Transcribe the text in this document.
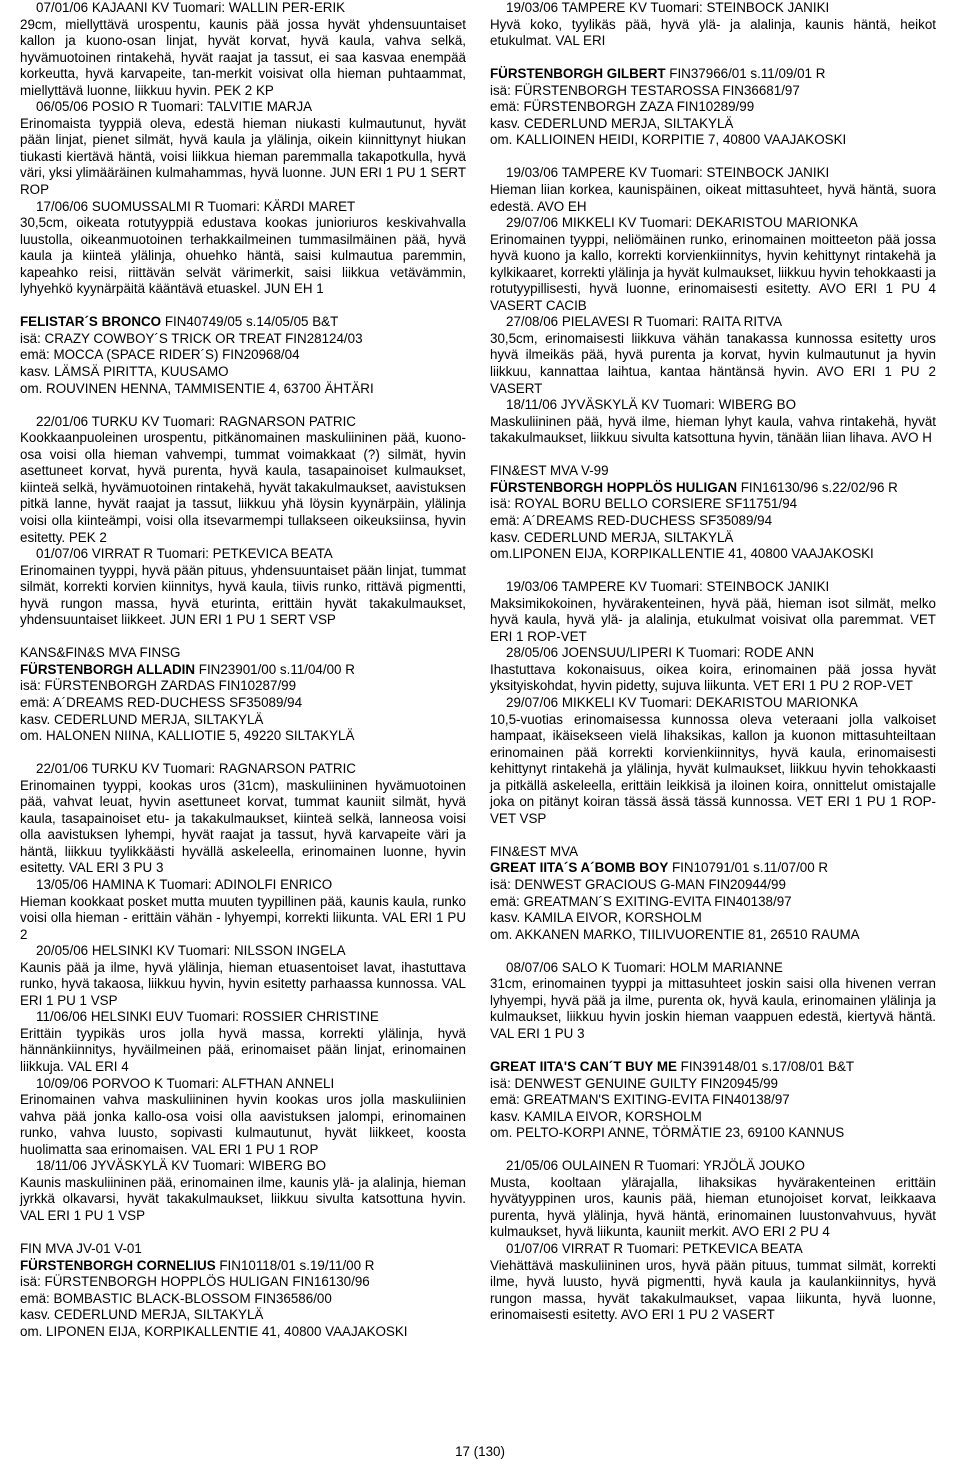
07/01/06 KAJAANI KV Tuomari: WALLIN PER-ERIK

29cm, miellyttävä urospentu, kaunis pää jossa hyvät yhdensuuntaiset kallon ja kuono-osan linjat, hyvät korvat, hyvä kaula, vahva selkä, hyvämuotoinen rintakehä, hyvät raajat ja tassut, ei saa kasvaa enempää korkeutta, hyvä karvapeite, tan-merkit voisivat olla hieman puhtaammat, miellyttävä luonne, liikkuu hyvin. PEK 2 KP

06/05/06 POSIO R Tuomari: TALVITIE MARJA

Erinomaista tyyppiä oleva, edestä hieman niukasti kulmautunut, hyvät pään linjat, pienet silmät, hyvä kaula ja ylälinja, oikein kiinnittynyt hiukan tiukasti kiertävä häntä, voisi liikkua hieman paremmalla takapotkulla, hyvä väri, yksi ylimääräinen kulmahammas, hyvä luonne. JUN ERI 1 PU 1 SERT ROP

17/06/06 SUOMUSSALMI R Tuomari: KÄRDI MARET

30,5cm, oikeata rotutyyppiä edustava kookas junioriuros keskivahvalla luustolla, oikeanmuotoinen terhakkailmeinen tummasilmäinen pää, hyvä kaula ja kiinteä ylälinja, ohuehko häntä, saisi kulmautua paremmin, kapeahko reisi, riittävän selvät värimerkit, saisi liikkua vetävämmin, lyhyehkö kyynärpäitä kääntävä etuaskel. JUN EH 1

FELISTAR´S BRONCO FIN40749/05 s.14/05/05 B&T

isä: CRAZY COWBOY´S TRICK OR TREAT FIN28124/03

emä: MOCCA (SPACE RIDER´S) FIN20968/04

kasv. LÄMSÄ PIRITTA, KUUSAMO

om. ROUVINEN HENNA, TAMMISENTIE 4, 63700 ÄHTÄRI

22/01/06 TURKU KV Tuomari: RAGNARSON PATRIC

Kookkaanpuoleinen urospentu, pitkänomainen maskuliininen pää, kuono-osa voisi olla hieman vahvempi, tummat voimakkaat (?) silmät, hyvin asettuneet korvat, hyvä purenta, hyvä kaula, tasapainoiset kulmaukset, kiinteä selkä, hyvämuotoinen rintakehä, hyvät takakulmaukset, aavistuksen pitkä lanne, hyvät raajat ja tassut, liikkuu yhä löysin kyynärpäin, ylälinja voisi olla kiinteämpi, voisi olla itsevarmempi tullakseen oikeuksiinsa, hyvin esitetty. PEK 2

01/07/06 VIRRAT R Tuomari: PETKEVICA BEATA

Erinomainen tyyppi, hyvä pään pituus, yhdensuuntaiset pään linjat, tummat silmät, korrekti korvien kiinnitys, hyvä kaula, tiivis runko, rittävä pigmentti, hyvä rungon massa, hyvä eturinta, erittäin hyvät takakulmaukset, yhdensuuntaiset liikkeet. JUN ERI 1 PU 1 SERT VSP

KANS&FIN&S MVA FINSG

FÜRSTENBORGH ALLADIN FIN23901/00 s.11/04/00 R

isä: FÜRSTENBORGH ZARDAS FIN10287/99

emä: A´DREAMS RED-DUCHESS SF35089/94

kasv. CEDERLUND MERJA, SILTAKYLÄ

om. HALONEN NIINA, KALLIOTIE 5, 49220 SILTAKYLÄ

22/01/06 TURKU KV Tuomari: RAGNARSON PATRIC

Erinomainen tyyppi, kookas uros (31cm), maskuliininen hyvämuotoinen pää, vahvat leuat, hyvin asettuneet korvat, tummat kauniit silmät, hyvä kaula, tasapainoiset etu- ja takakulmaukset, kiinteä selkä, lanneosa voisi olla aavistuksen lyhempi, hyvät raajat ja tassut, hyvä karvapeite väri ja häntä, liikkuu tyylikkäästi hyvällä askeleella, erinomainen luonne, hyvin esitetty. VAL ERI 3 PU 3

13/05/06 HAMINA K Tuomari: ADINOLFI ENRICO

Hieman kookkaat posket mutta muuten tyypillinen pää, kaunis kaula, runko voisi olla hieman - erittäin vähän - lyhyempi, korrekti liikunta. VAL ERI 1 PU 2

20/05/06 HELSINKI KV Tuomari: NILSSON INGELA

Kaunis pää ja ilme, hyvä ylälinja, hieman etuasentoiset lavat, ihastuttava runko, hyvä takaosa, liikkuu hyvin, hyvin esitetty parhaassa kunnossa. VAL ERI 1 PU 1 VSP

11/06/06 HELSINKI EUV Tuomari: ROSSIER CHRISTINE

Erittäin tyypikäs uros jolla hyvä massa, korrekti ylälinja, hyvä hännänkiinnitys, hyväilmeinen pää, erinomaiset pään linjat, erinomainen liikkuja. VAL ERI 4

10/09/06 PORVOO K Tuomari: ALFTHAN ANNELI

Erinomainen vahva maskuliininen hyvin kookas uros jolla maskuliinien vahva pää jonka kallo-osa voisi olla aavistuksen jalompi, erinomainen runko, vahva luusto, sopivasti kulmautunut, hyvät liikkeet, koosta huolimatta saa erinomaisen. VAL ERI 1 PU 1 ROP

18/11/06 JYVÄSKYLÄ KV Tuomari: WIBERG BO

Kaunis maskuliininen pää, erinomainen ilme, kaunis ylä- ja alalinja, hieman jyrkkä olkavarsi, hyvät takakulmaukset, liikkuu sivulta katsottuna hyvin. VAL ERI 1 PU 1 VSP

FIN MVA JV-01 V-01

FÜRSTENBORGH CORNELIUS FIN10118/01 s.19/11/00 R

isä: FÜRSTENBORGH HOPPLÖS HULIGAN FIN16130/96

emä: BOMBASTIC BLACK-BLOSSOM FIN36586/00

kasv. CEDERLUND MERJA, SILTAKYLÄ

om. LIPONEN EIJA, KORPIKALLENTIE 41, 40800 VAAJAKOSKI

19/03/06 TAMPERE KV Tuomari: STEINBOCK JANIKI

Hyvä koko, tyylikäs pää, hyvä ylä- ja alalinja, kaunis häntä, heikot etukulmat. VAL ERI

FÜRSTENBORGH GILBERT FIN37966/01 s.11/09/01 R

isä: FÜRSTENBORGH TESTAROSSA FIN36681/97

emä: FÜRSTENBORGH ZAZA FIN10289/99

kasv. CEDERLUND MERJA, SILTAKYLÄ

om. KALLIOINEN HEIDI, KORPITIE 7, 40800 VAAJAKOSKI

19/03/06 TAMPERE KV Tuomari: STEINBOCK JANIKI

Hieman liian korkea, kaunispäinen, oikeat mittasuhteet, hyvä häntä, suora edestä. AVO EH

29/07/06 MIKKELI KV Tuomari: DEKARISTOU MARIONKA

Erinomainen tyyppi, neliömäinen runko, erinomainen moitteeton pää jossa hyvä kuono ja kallo, korrekti korvienkiinnitys, hyvin kehittynyt rintakehä ja kylkikaaret, korrekti ylälinja ja hyvät kulmaukset, liikkuu hyvin tehokkaasti ja rotutyypillisesti, hyvä luonne, erinomaisesti esitetty. AVO ERI 1 PU 4 VASERT CACIB

27/08/06 PIELAVESI R Tuomari: RAITA RITVA

30,5cm, erinomaisesti liikkuva vähän tanakassa kunnossa esitetty uros hyvä ilmeikäs pää, hyvä purenta ja korvat, hyvin kulmautunut ja hyvin liikkuu, kannattaa laihtua, kantaa häntänsä hyvin. AVO ERI 1 PU 2 VASERT

18/11/06 JYVÄSKYLÄ KV Tuomari: WIBERG BO

Maskuliininen pää, hyvä ilme, hieman lyhyt kaula, vahva rintakehä, hyvät takakulmaukset, liikkuu sivulta katsottuna hyvin, tänään liian lihava. AVO H

FIN&EST MVA V-99

FÜRSTENBORGH HOPPLÖS HULIGAN FIN16130/96 s.22/02/96 R

isä: ROYAL BORU BELLO CORSIERE SF11751/94

emä: A´DREAMS RED-DUCHESS SF35089/94

kasv. CEDERLUND MERJA, SILTAKYLÄ

om.LIPONEN EIJA, KORPIKALLENTIE 41, 40800 VAAJAKOSKI

19/03/06 TAMPERE KV Tuomari: STEINBOCK JANIKI

Maksimikokoinen, hyvärakenteinen, hyvä pää, hieman isot silmät, melko hyvä kaula, hyvä ylä- ja alalinja, etukulmat voisivat olla paremmat. VET ERI 1 ROP-VET

28/05/06 JOENSUU/LIPERI K Tuomari: RODE ANN

Ihastuttava kokonaisuus, oikea koira, erinomainen pää jossa hyvät yksityiskohdat, hyvin pidetty, sujuva liikunta. VET ERI 1 PU 2 ROP-VET

29/07/06 MIKKELI KV Tuomari: DEKARISTOU MARIONKA

10,5-vuotias erinomaisessa kunnossa oleva veteraani jolla valkoiset hampaat, ikäisekseen vielä lihaksikas, kallon ja kuonon mittasuhteiltaan erinomainen pää korrekti korvienkiinnitys, hyvä kaula, erinomaisesti kehittynyt rintakehä ja ylälinja, hyvät kulmaukset, liikkuu hyvin tehokkaasti ja pitkällä askeleella, erittäin leikkisä ja iloinen koira, onnittelut omistajalle joka on pitänyt koiran tässä ässä tässä kunnossa. VET ERI 1 PU 1 ROP-VET VSP

FIN&EST MVA

GREAT IITA´S A´BOMB BOY FIN10791/01 s.11/07/00 R

isä: DENWEST GRACIOUS G-MAN FIN20944/99

emä: GREATMAN´S EXITING-EVITA FIN40138/97

kasv. KAMILA EIVOR, KORSHOLM

om. AKKANEN MARKO, TIILIVUORENTIE 81, 26510 RAUMA

08/07/06 SALO K Tuomari: HOLM MARIANNE

31cm, erinomainen tyyppi ja mittasuhteet joskin saisi olla hivenen verran lyhyempi, hyvä pää ja ilme, purenta ok, hyvä kaula, erinomainen ylälinja ja kulmaukset, liikkuu hyvin joskin hieman vaappuen edestä, kiertyvä häntä. VAL ERI 1 PU 3

GREAT IITA'S CAN´T BUY ME FIN39148/01 s.17/08/01 B&T

isä: DENWEST GENUINE GUILTY FIN20945/99

emä: GREATMAN'S EXITING-EVITA FIN40138/97

kasv. KAMILA EIVOR, KORSHOLM

om. PELTO-KORPI ANNE, TÖRMÄTIE 23, 69100 KANNUS

21/05/06 OULAINEN R Tuomari: YRJÖLÄ JOUKO

Musta, kooltaan ylärajalla, lihaksikas hyvärakenteinen erittäin hyvätyyppinen uros, kaunis pää, hieman etunojoiset korvat, leikkaava purenta, hyvä ylälinja, hyvä häntä, erinomainen luustonvahvuus, hyvät kulmaukset, hyvä liikunta, kauniit merkit. AVO ERI 2 PU 4

01/07/06 VIRRAT R Tuomari: PETKEVICA BEATA

Viehättävä maskuliininen uros, hyvä pään pituus, tummat silmät, korrekti ilme, hyvä luusto, hyvä pigmentti, hyvä kaula ja kaulankiinnitys, hyvä rungon massa, hyvät takakulmaukset, vapaa liikunta, hyvä luonne, erinomaisesti esitetty. AVO ERI 1 PU 2 VASERT

17 (130)
